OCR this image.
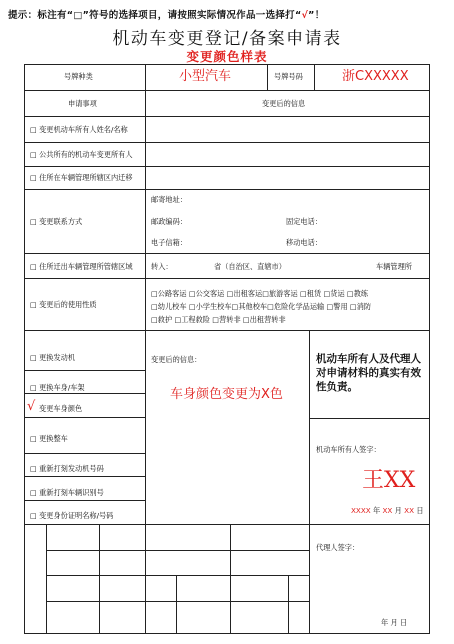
提示：标注有“□”符号的选择项目，请按照实际情况作品一选择打“√”！
机动车变更登记/备案申请表
变更颜色样表
号牌种类	小型汽车	号牌号码	浙CXXXXX
申请事项	变更后的信息
□ 变更机动车所有人姓名/名称
□ 公共所有的机动车变更所有人
□ 住所在车辆管理所辖区内迁移
□ 变更联系方式
邮寄地址：
邮政编码：	固定电话：
电子信箱：	移动电话：
□ 住所迁出车辆管理所管辖区域	转入：	省（自治区、直辖市）	车辆管理所
□ 变更后的使用性质
□公路客运 □公交客运 □出租客运□旅游客运 □租赁 □货运 □教练
□幼儿校车 □小学生校车□其他校车□危险化学品运输 □警用 □消防
□救护 □工程救险 □营转非 □出租营转非
□ 更换发动机
□ 更换车身/车架
√ 变更车身颜色
□ 更换整车
□ 重新打刻发动机号码
□ 重新打刻车辆识别号
□ 变更身份证明名称/号码
变更后的信息：
车身颜色变更为X色
机动车所有人及代理人对申请材料的真实有效性负责。
机动车所有人签字：
王XX
XXXX 年 XX 月 XX 日
代理人签字：
年 月 日
